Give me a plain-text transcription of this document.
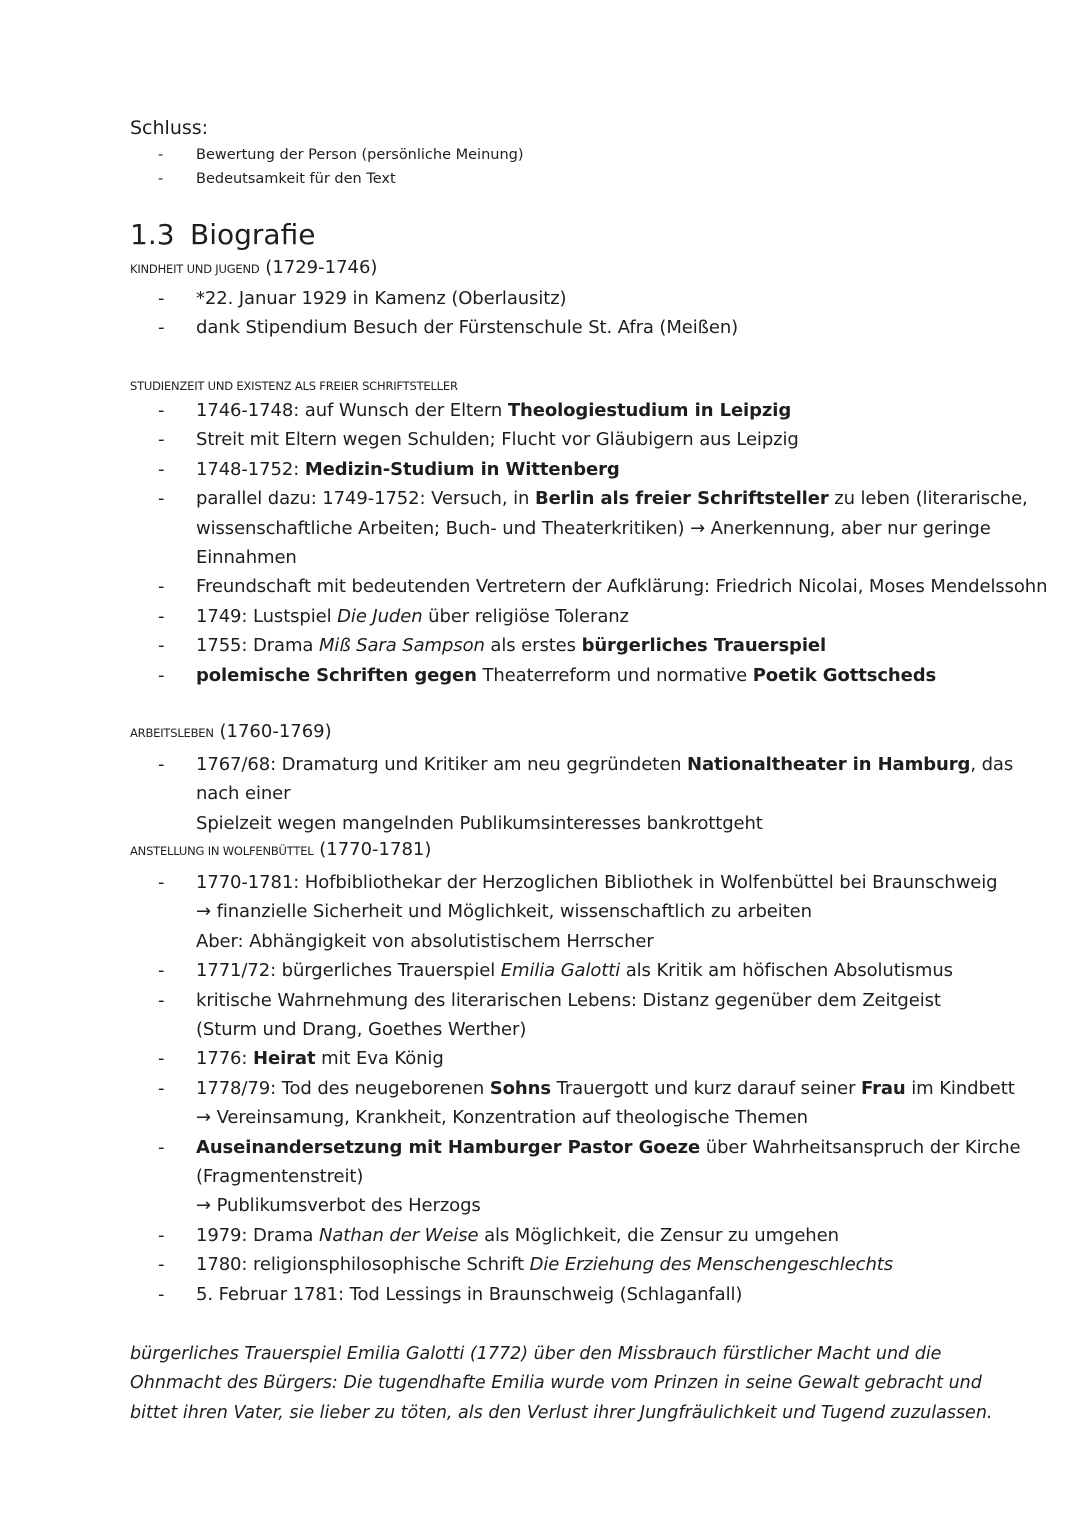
Schluss:
- Bewertung der Person (persönliche Meinung)
- Bedeutsamkeit für den Text
1.3 Biografie
KINDHEIT UND JUGEND (1729-1746)
- *22. Januar 1929 in Kamenz (Oberlausitz)
- dank Stipendium Besuch der Fürstenschule St. Afra (Meißen)
STUDIENZEIT UND EXISTENZ ALS FREIER SCHRIFTSTELLER
- 1746-1748: auf Wunsch der Eltern Theologiestudium in Leipzig
- Streit mit Eltern wegen Schulden; Flucht vor Gläubigern aus Leipzig
- 1748-1752: Medizin-Studium in Wittenberg
- parallel dazu: 1749-1752: Versuch, in Berlin als freier Schriftsteller zu leben (literarische,
wissenschaftliche Arbeiten; Buch- und Theaterkritiken) → Anerkennung, aber nur geringe
Einnahmen
- Freundschaft mit bedeutenden Vertretern der Aufklärung: Friedrich Nicolai, Moses Mendelssohn
- 1749: Lustspiel Die Juden über religiöse Toleranz
- 1755: Drama Miß Sara Sampson als erstes bürgerliches Trauerspiel
- polemische Schriften gegen Theaterreform und normative Poetik Gottscheds
ARBEITSLEBEN (1760-1769)
- 1767/68: Dramaturg und Kritiker am neu gegründeten Nationaltheater in Hamburg, das nach einer
Spielzeit wegen mangelnden Publikumsinteresses bankrottgeht
ANSTELLUNG IN WOLFENBÜTTEL (1770-1781)
- 1770-1781: Hofbibliothekar der Herzoglichen Bibliothek in Wolfenbüttel bei Braunschweig
→ finanzielle Sicherheit und Möglichkeit, wissenschaftlich zu arbeiten
Aber: Abhängigkeit von absolutistischem Herrscher
- 1771/72: bürgerliches Trauerspiel Emilia Galotti als Kritik am höfischen Absolutismus
- kritische Wahrnehmung des literarischen Lebens: Distanz gegenüber dem Zeitgeist
(Sturm und Drang, Goethes Werther)
- 1776: Heirat mit Eva König
- 1778/79: Tod des neugeborenen Sohns Trauergott und kurz darauf seiner Frau im Kindbett
→ Vereinsamung, Krankheit, Konzentration auf theologische Themen
- Auseinandersetzung mit Hamburger Pastor Goeze über Wahrheitsanspruch der Kirche
(Fragmentenstreit)
→ Publikumsverbot des Herzogs
- 1979: Drama Nathan der Weise als Möglichkeit, die Zensur zu umgehen
- 1780: religionsphilosophische Schrift Die Erziehung des Menschengeschlechts
- 5. Februar 1781: Tod Lessings in Braunschweig (Schlaganfall)
bürgerliches Trauerspiel Emilia Galotti (1772) über den Missbrauch fürstlicher Macht und die
Ohnmacht des Bürgers: Die tugendhafte Emilia wurde vom Prinzen in seine Gewalt gebracht und
bittet ihren Vater, sie lieber zu töten, als den Verlust ihrer Jungfräulichkeit und Tugend zuzulassen.
